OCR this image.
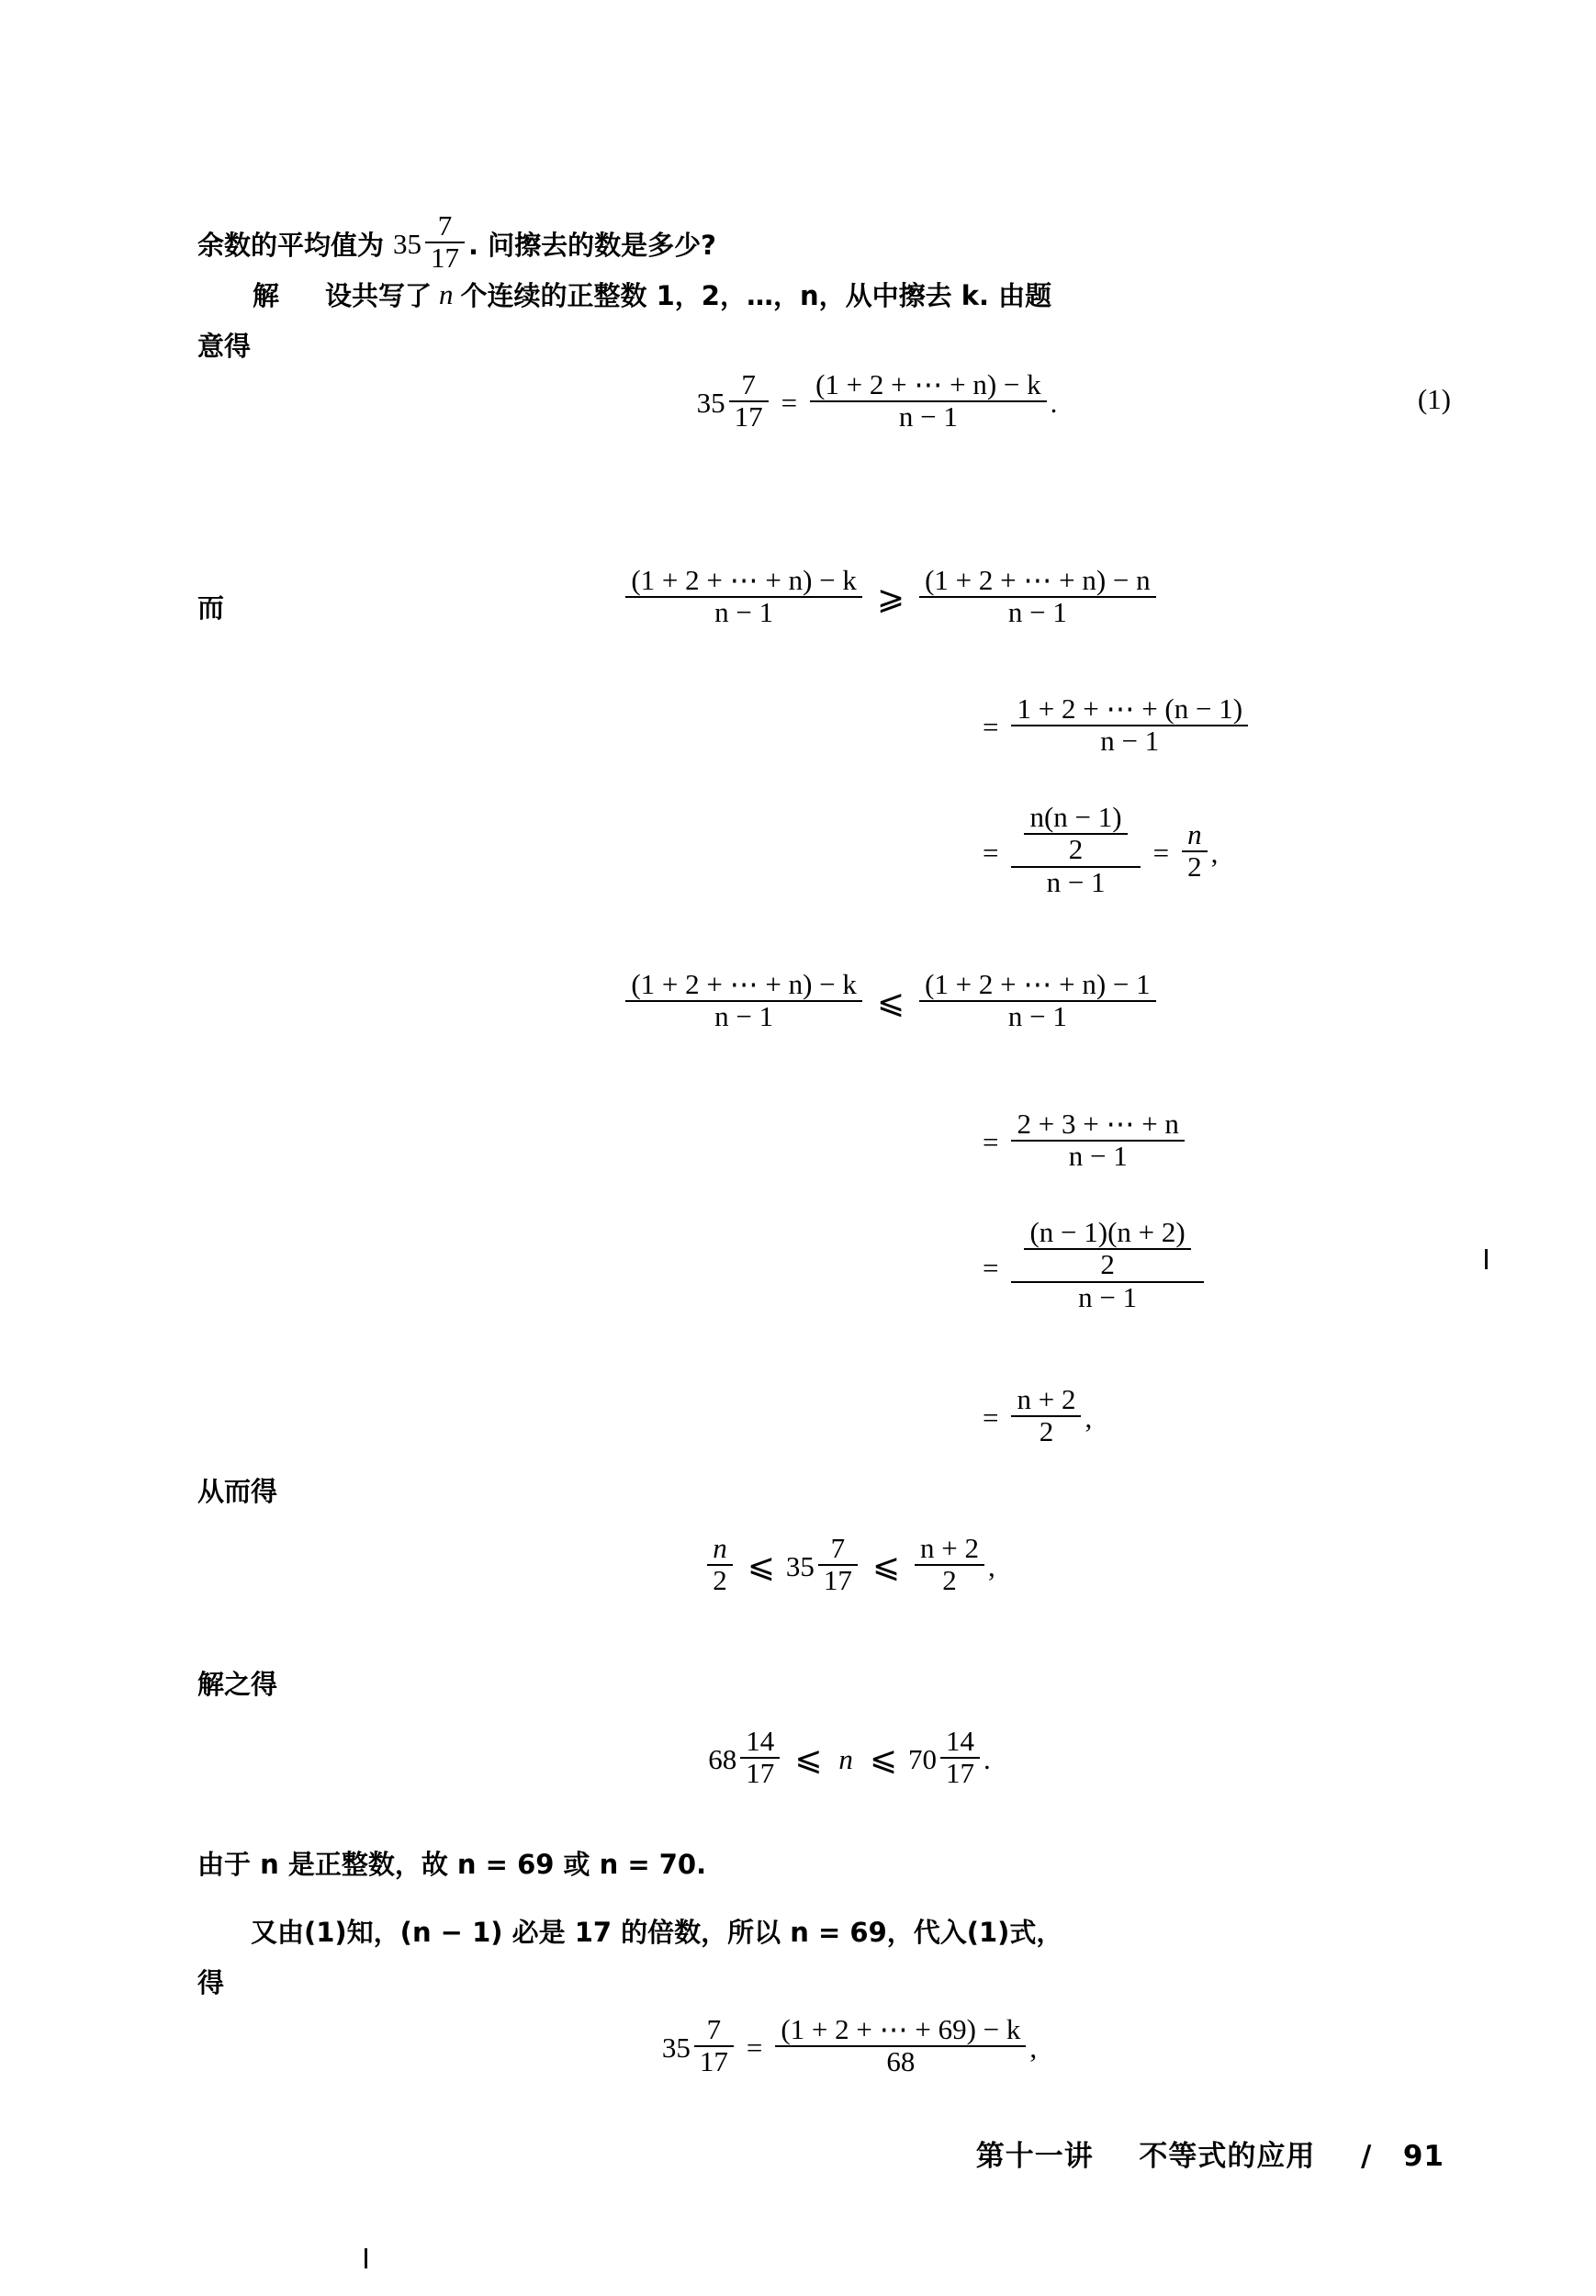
余数的平均值为 $35 \frac{7}{17}$ . 问擦去的数是多少?
解 设共写了 n 个连续的正整数 1，2，…，n，从中擦去 k. 由题
意得
$35 \frac{7}{17} = \frac{(1 + 2 + \cdots + n) - k}{n - 1}$ .	(1)
而	$\frac{(1 + 2 + \cdots + n) - k}{n - 1}$ ⩾ $\frac{(1 + 2 + \cdots + n) - n}{n - 1}$
= $\frac{1 + 2 + \cdots + (n - 1)}{n - 1}$
= $\frac{\frac{n(n - 1)}{2}}{n - 1} = \frac{n}{2}$ ,
$\frac{(1 + 2 + \cdots + n) - k}{n - 1}$ ⩽ $\frac{(1 + 2 + \cdots + n) - 1}{n - 1}$
= $\frac{2 + 3 + \cdots + n}{n - 1}$
= $\frac{\frac{(n - 1)(n + 2)}{2}}{n - 1}$
= $\frac{n + 2}{2}$ ,
从而得
$\frac{n}{2}$ ⩽ $35 \frac{7}{17}$ ⩽ $\frac{n + 2}{2}$ ,
解之得
$68 \frac{14}{17}$ ⩽ n ⩽ $70 \frac{14}{17}$ .
由于 n 是正整数，故 n = 69 或 n = 70.
又由(1)知，(n − 1) 必是 17 的倍数，所以 n = 69，代入(1)式，
得
$35 \frac{7}{17} = \frac{(1 + 2 + \cdots + 69) - k}{68}$ ,
第十一讲 不等式的应用 / 91
